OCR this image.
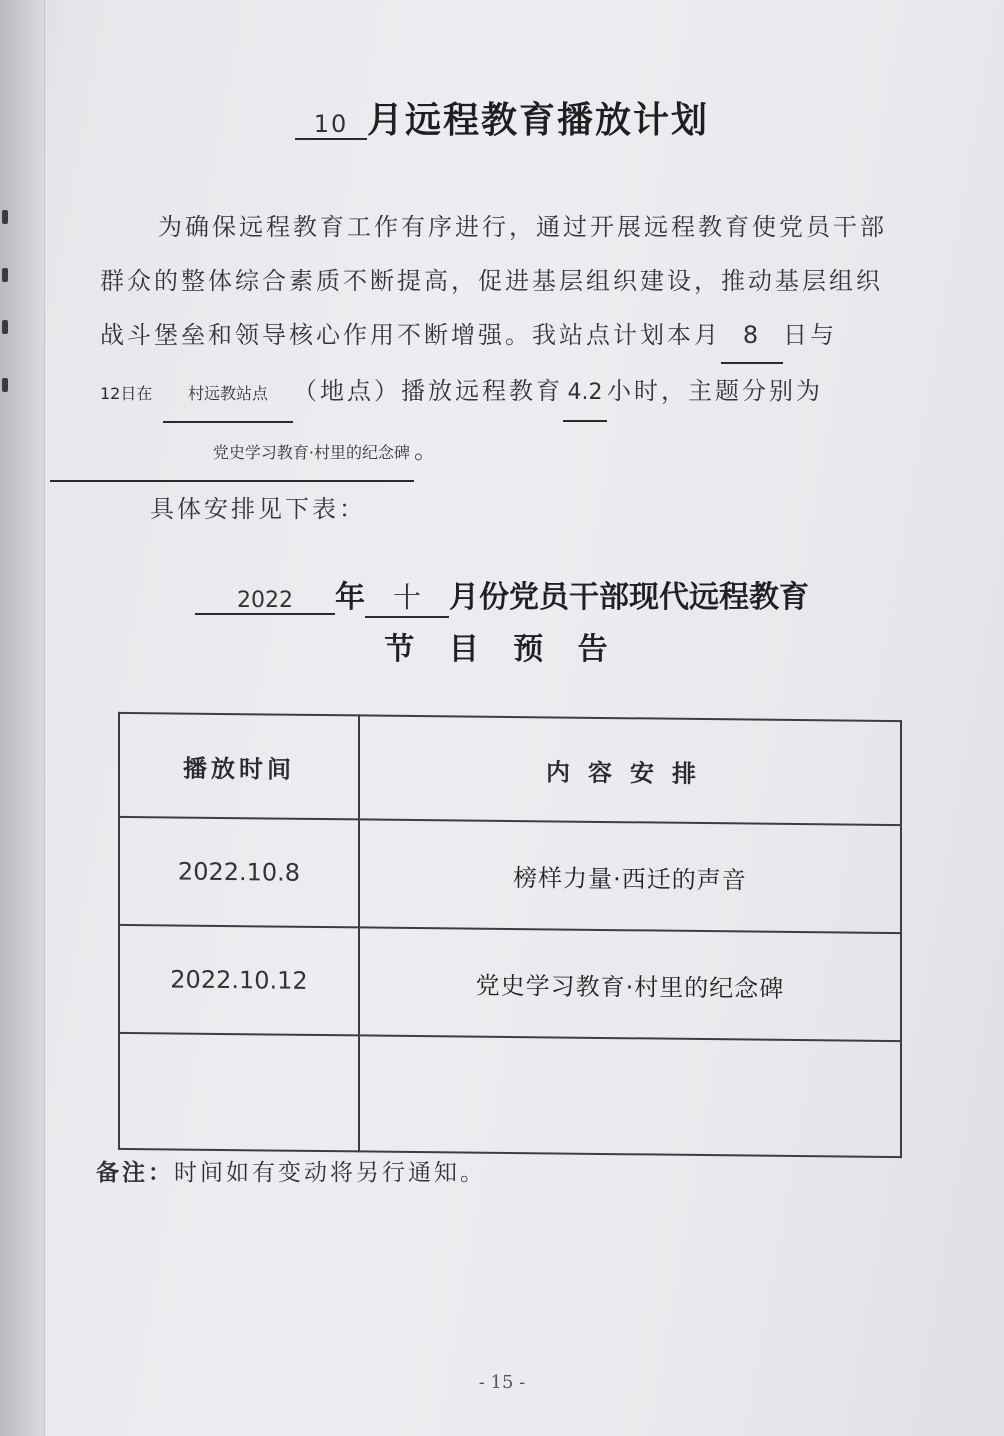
10 月远程教育播放计划
为确保远程教育工作有序进行，通过开展远程教育使党员干部
群众的整体综合素质不断提高，促进基层组织建设，推动基层组织
战斗堡垒和领导核心作用不断增强。我站点计划本月 8 日与
12日在 村远教站点 （地点）播放远程教育 4.2 小时，主题分别为
党史学习教育·村里的纪念碑 。
具体安排见下表：
2022 年 十 月份党员干部现代远程教育
节 目 预 告
播放时间	内容安排
2022.10.8	榜样力量·西迁的声音
2022.10.12	党史学习教育·村里的纪念碑

备注：时间如有变动将另行通知。
- 15 -
